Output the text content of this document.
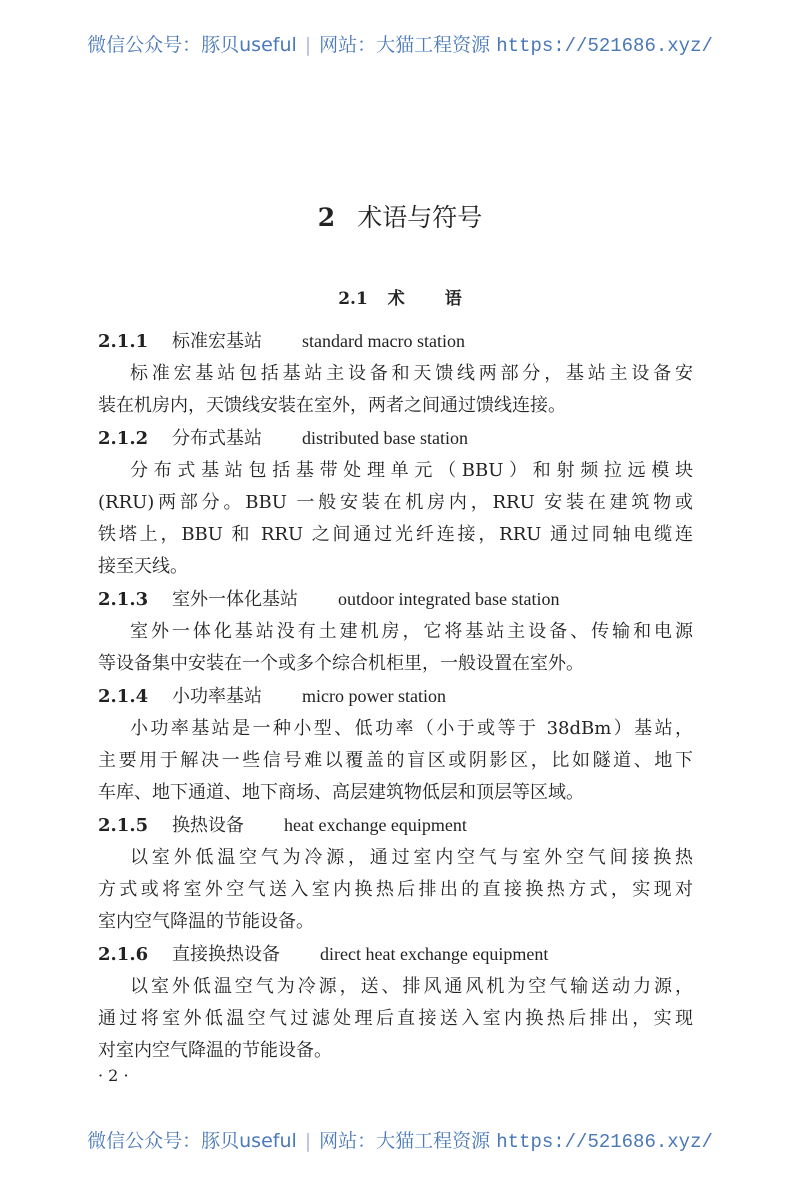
微信公众号：豚贝useful | 网站：大猫工程资源 https://521686.xyz/
2 术语与符号
2.1 术 语
2.1.1 标准宏基站 standard macro station
标准宏基站包括基站主设备和天馈线两部分，基站主设备安
装在机房内，天馈线安装在室外，两者之间通过馈线连接。
2.1.2 分布式基站 distributed base station
分布式基站包括基带处理单元（BBU）和射频拉远模块
(RRU)两部分。BBU 一般安装在机房内，RRU 安装在建筑物或
铁塔上，BBU 和 RRU 之间通过光纤连接，RRU 通过同轴电缆连
接至天线。
2.1.3 室外一体化基站 outdoor integrated base station
室外一体化基站没有土建机房，它将基站主设备、传输和电源
等设备集中安装在一个或多个综合机柜里，一般设置在室外。
2.1.4 小功率基站 micro power station
小功率基站是一种小型、低功率（小于或等于 38dBm）基站，
主要用于解决一些信号难以覆盖的盲区或阴影区，比如隧道、地下
车库、地下通道、地下商场、高层建筑物低层和顶层等区域。
2.1.5 换热设备 heat exchange equipment
以室外低温空气为冷源，通过室内空气与室外空气间接换热
方式或将室外空气送入室内换热后排出的直接换热方式，实现对
室内空气降温的节能设备。
2.1.6 直接换热设备 direct heat exchange equipment
以室外低温空气为冷源，送、排风通风机为空气输送动力源，
通过将室外低温空气过滤处理后直接送入室内换热后排出，实现
对室内空气降温的节能设备。
· 2 ·
微信公众号：豚贝useful | 网站：大猫工程资源 https://521686.xyz/
